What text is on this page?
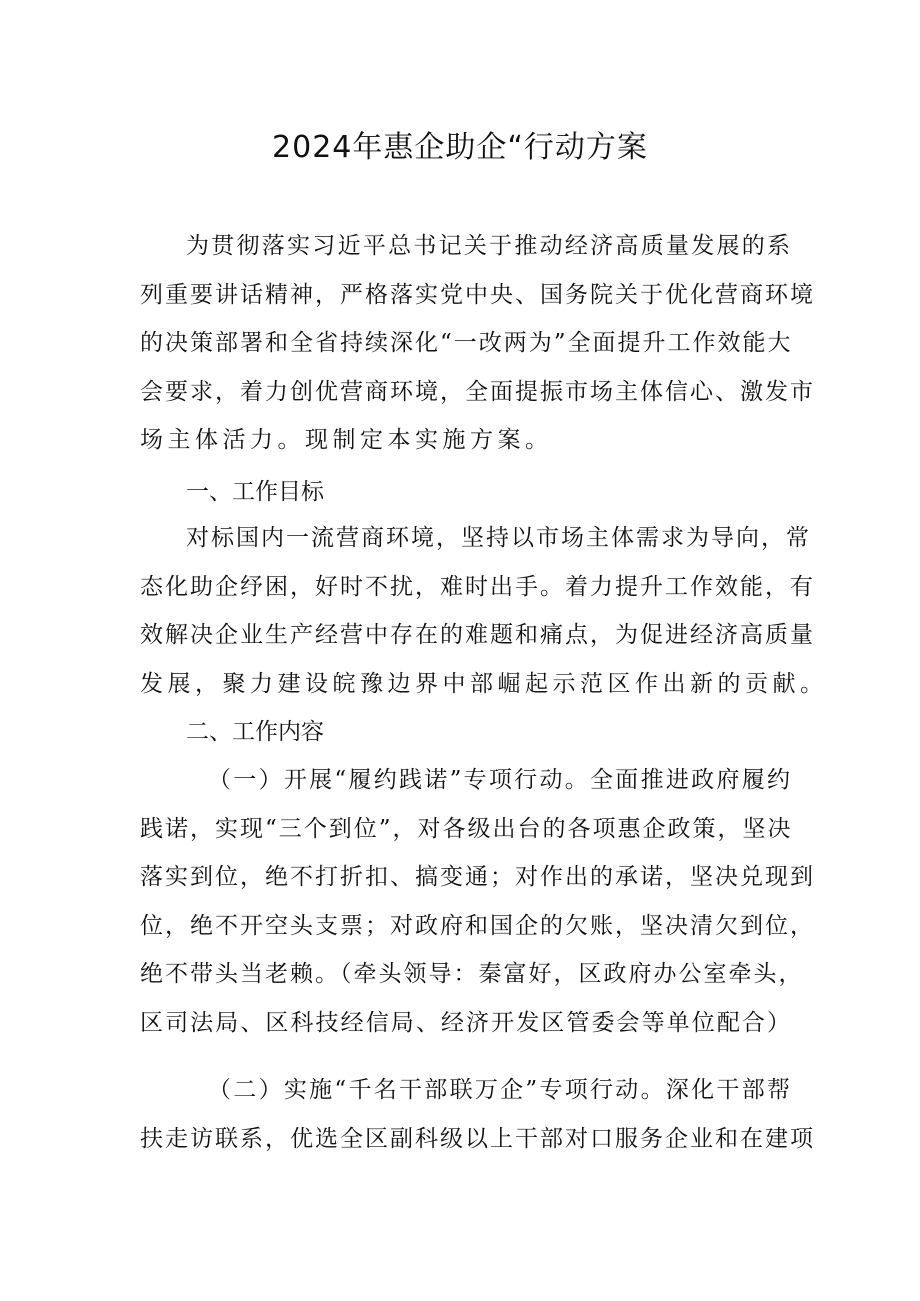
2024年惠企助企“行动方案
为贯彻落实习近平总书记关于推动经济高质量发展的系
列重要讲话精神，严格落实党中央、国务院关于优化营商环境
的决策部署和全省持续深化“一改两为”全面提升工作效能大
会要求，着力创优营商环境，全面提振市场主体信心、激发市
场主体活力。现制定本实施方案。
一、工作目标
对标国内一流营商环境，坚持以市场主体需求为导向，常
态化助企纾困，好时不扰，难时出手。着力提升工作效能，有
效解决企业生产经营中存在的难题和痛点，为促进经济高质量
发展，聚力建设皖豫边界中部崛起示范区作出新的贡献。
二、工作内容
（一）开展“履约践诺”专项行动。全面推进政府履约
践诺，实现“三个到位”，对各级出台的各项惠企政策，坚决
落实到位，绝不打折扣、搞变通；对作出的承诺，坚决兑现到
位，绝不开空头支票；对政府和国企的欠账，坚决清欠到位，
绝不带头当老赖。（牵头领导：秦富好，区政府办公室牵头，
区司法局、区科技经信局、经济开发区管委会等单位配合）
（二）实施“千名干部联万企”专项行动。深化干部帮
扶走访联系，优选全区副科级以上干部对口服务企业和在建项
